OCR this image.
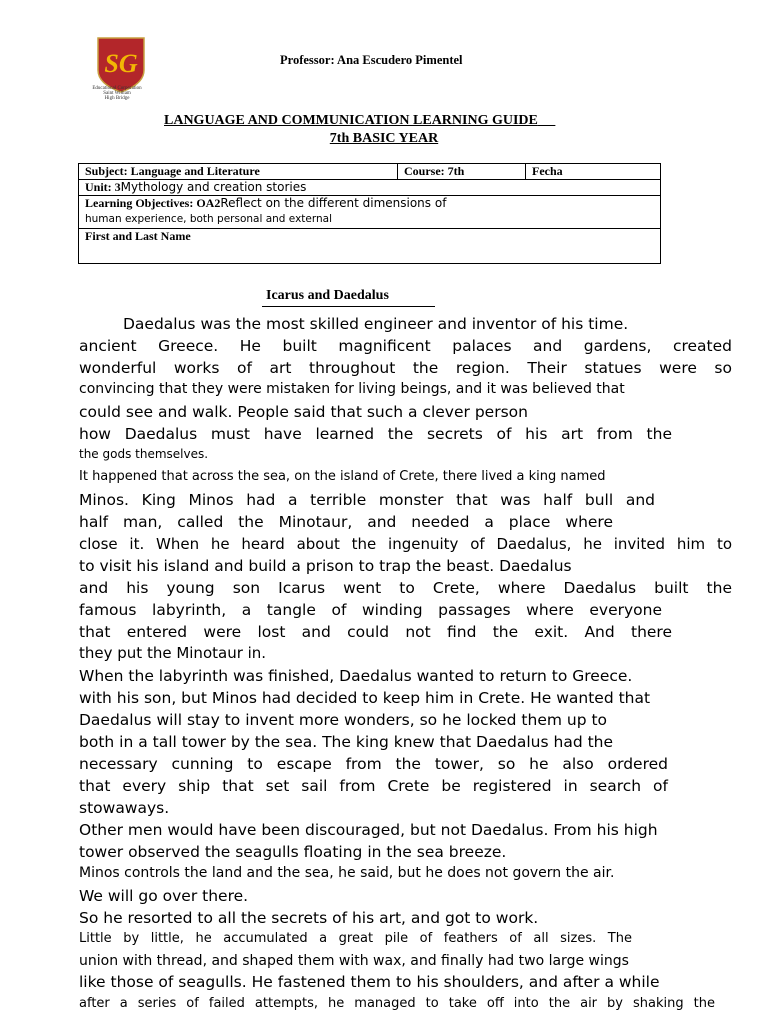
SG
Educational Corporation
Saint William
High Bridge
Professor: Ana Escudero Pimentel
LANGUAGE AND COMMUNICATION LEARNING GUIDE
7th BASIC YEAR
Subject: Language and Literature	Course: 7th	Fecha
Unit: 3Mythology and creation stories
Learning Objectives: OA2Reflect on the different dimensions of
human experience, both personal and external
First and Last Name
Icarus and Daedalus
Daedalus was the most skilled engineer and inventor of his time.
ancient Greece. He built magnificent palaces and gardens, created
wonderful works of art throughout the region. Their statues were so
convincing that they were mistaken for living beings, and it was believed that
could see and walk. People said that such a clever person
how Daedalus must have learned the secrets of his art from the
the gods themselves.
It happened that across the sea, on the island of Crete, there lived a king named
Minos. King Minos had a terrible monster that was half bull and
half man, called the Minotaur, and needed a place where
close it. When he heard about the ingenuity of Daedalus, he invited him to
to visit his island and build a prison to trap the beast. Daedalus
and his young son Icarus went to Crete, where Daedalus built the
famous labyrinth, a tangle of winding passages where everyone
that entered were lost and could not find the exit. And there
they put the Minotaur in.
When the labyrinth was finished, Daedalus wanted to return to Greece.
with his son, but Minos had decided to keep him in Crete. He wanted that
Daedalus will stay to invent more wonders, so he locked them up to
both in a tall tower by the sea. The king knew that Daedalus had the
necessary cunning to escape from the tower, so he also ordered
that every ship that set sail from Crete be registered in search of
stowaways.
Other men would have been discouraged, but not Daedalus. From his high
tower observed the seagulls floating in the sea breeze.
Minos controls the land and the sea, he said, but he does not govern the air.
We will go over there.
So he resorted to all the secrets of his art, and got to work.
Little by little, he accumulated a great pile of feathers of all sizes. The
union with thread, and shaped them with wax, and finally had two large wings
like those of seagulls. He fastened them to his shoulders, and after a while
after a series of failed attempts, he managed to take off into the air by shaking the
